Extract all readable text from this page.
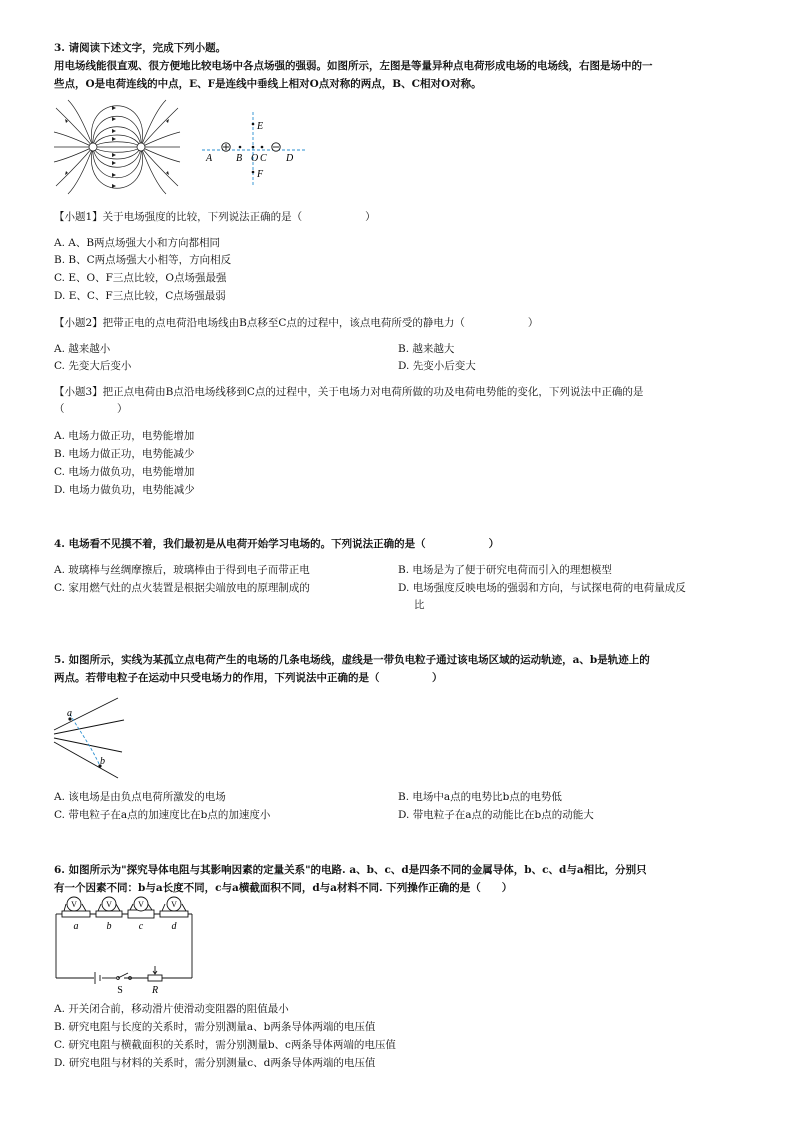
3. 请阅读下述文字，完成下列小题。
用电场线能很直观、很方便地比较电场中各点场强的强弱。如图所示，左图是等量异种点电荷形成电场的电场线，右图是场中的一
些点，O是电荷连线的中点，E、F是连线中垂线上相对O点对称的两点，B、C相对O对称。
A B O C D
E
F
【小题1】关于电场强度的比较，下列说法正确的是（　　　　　　）
A. A、B两点场强大小和方向都相同
B. B、C两点场强大小相等，方向相反
C. E、O、F三点比较，O点场强最强
D. E、C、F三点比较，C点场强最弱
【小题2】把带正电的点电荷沿电场线由B点移至C点的过程中，该点电荷所受的静电力（　　　　　　）
A. 越来越小	B. 越来越大
C. 先变大后变小	D. 先变小后变大
【小题3】把正点电荷由B点沿电场线移到C点的过程中，关于电场力对电荷所做的功及电荷电势能的变化，下列说法中正确的是
（　　　　　）
A. 电场力做正功，电势能增加
B. 电场力做正功，电势能减少
C. 电场力做负功，电势能增加
D. 电场力做负功，电势能减少
4. 电场看不见摸不着，我们最初是从电荷开始学习电场的。下列说法正确的是（　　　　　　）
A. 玻璃棒与丝绸摩擦后，玻璃棒由于得到电子而带正电	B. 电场是为了便于研究电荷而引入的理想模型
C. 家用燃气灶的点火装置是根据尖端放电的原理制成的	D. 电场强度反映电场的强弱和方向，与试探电荷的电荷量成反
比
5. 如图所示，实线为某孤立点电荷产生的电场的几条电场线，虚线是一带负电粒子通过该电场区域的运动轨迹，a、b是轨迹上的
两点。若带电粒子在运动中只受电场力的作用，下列说法中正确的是（　　　　　）
a
b
A. 该电场是由负点电荷所激发的电场	B. 电场中a点的电势比b点的电势低
C. 带电粒子在a点的加速度比在b点的加速度小	D. 带电粒子在a点的动能比在b点的动能大
6. 如图所示为"探究导体电阻与其影响因素的定量关系"的电路. a、b、c、d是四条不同的金属导体，b、c、d与a相比，分别只
有一个因素不同：b与a长度不同，c与a横截面积不同，d与a材料不同. 下列操作正确的是（　　）
V	V	V	V
a	b	c	d
R
S
A. 开关闭合前，移动滑片使滑动变阻器的阻值最小
B. 研究电阻与长度的关系时，需分别测量a、b两条导体两端的电压值
C. 研究电阻与横截面积的关系时，需分别测量b、c两条导体两端的电压值
D. 研究电阻与材料的关系时，需分别测量c、d两条导体两端的电压值
